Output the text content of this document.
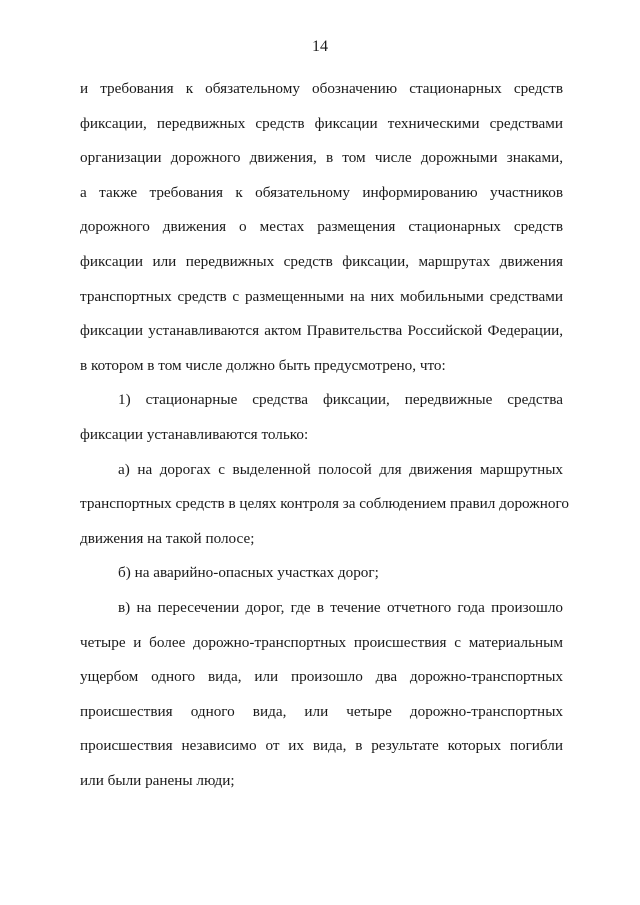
14
и требования к обязательному обозначению стационарных средств
фиксации, передвижных средств фиксации техническими средствами
организации дорожного движения, в том числе дорожными знаками,
а также требования к обязательному информированию участников
дорожного движения о местах размещения стационарных средств
фиксации или передвижных средств фиксации, маршрутах движения
транспортных средств с размещенными на них мобильными средствами
фиксации устанавливаются актом Правительства Российской Федерации,
в котором в том числе должно быть предусмотрено, что:
1) стационарные средства фиксации, передвижные средства
фиксации устанавливаются только:
а) на дорогах с выделенной полосой для движения маршрутных
транспортных средств в целях контроля за соблюдением правил дорожного
движения на такой полосе;
б) на аварийно-опасных участках дорог;
в) на пересечении дорог, где в течение отчетного года произошло
четыре и более дорожно-транспортных происшествия с материальным
ущербом одного вида, или произошло два дорожно-транспортных
происшествия одного вида, или четыре дорожно-транспортных
происшествия независимо от их вида, в результате которых погибли
или были ранены люди;
